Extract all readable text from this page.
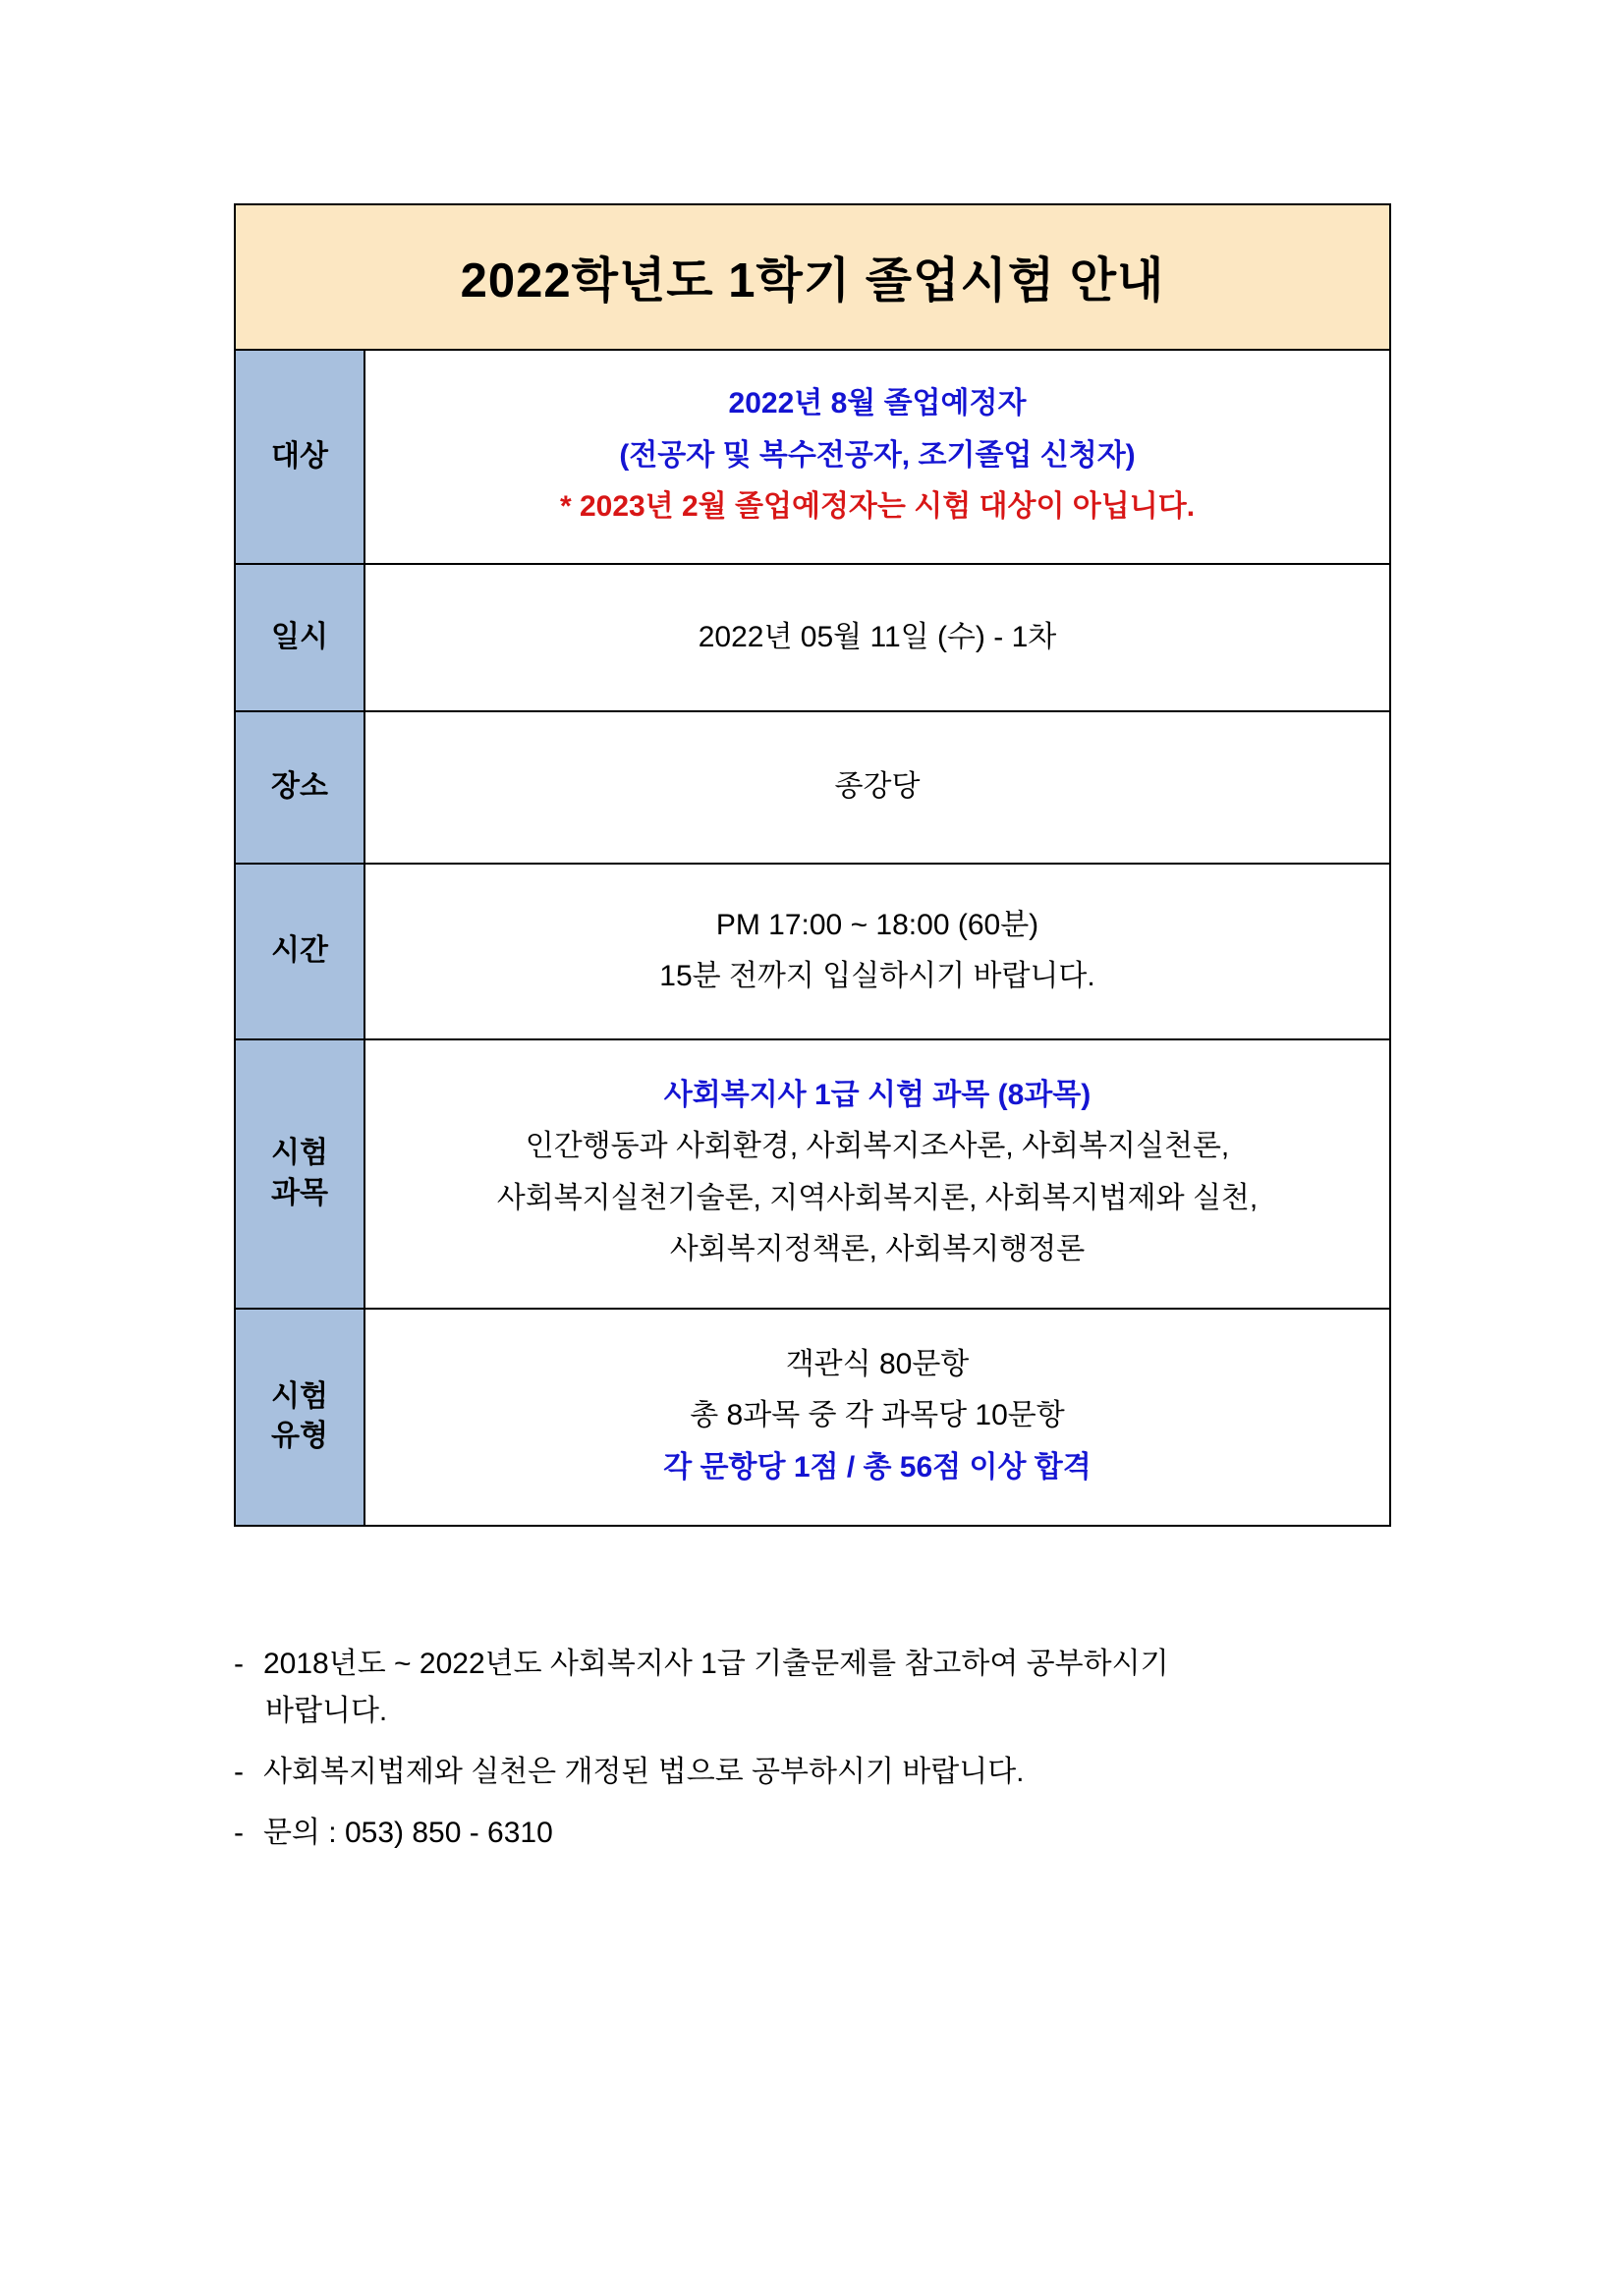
2022학년도 1학기 졸업시험 안내	
대상	2022년 8월 졸업예정자
(전공자 및 복수전공자, 조기졸업 신청자)
* 2023년 2월 졸업예정자는 시험 대상이 아닙니다.

일시	2022년 05월 11일 (수) - 1차

장소	종강당

시간	PM 17:00 ~ 18:00 (60분)
15분 전까지 입실하시기 바랍니다.

시험
과목	사회복지사 1급 시험 과목 (8과목)
인간행동과 사회환경, 사회복지조사론, 사회복지실천론,
사회복지실천기술론, 지역사회복지론, 사회복지법제와 실천,
사회복지정책론, 사회복지행정론

시험
유형	객관식 80문항
총 8과목 중 각 과목당 10문항
각 문항당 1점 / 총 56점 이상 합격
- 2018년도 ~ 2022년도 사회복지사 1급 기출문제를 참고하여 공부하시기
바랍니다.
- 사회복지법제와 실천은 개정된 법으로 공부하시기 바랍니다.
- 문의 : 053) 850 - 6310
